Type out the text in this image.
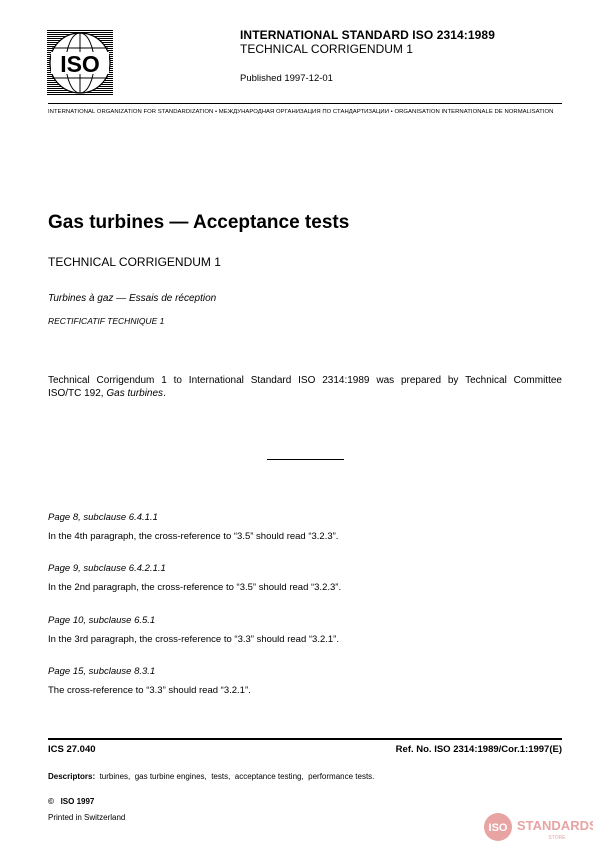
ISO
INTERNATIONAL STANDARD ISO 2314:1989
TECHNICAL CORRIGENDUM 1
Published 1997-12-01
INTERNATIONAL ORGANIZATION FOR STANDARDIZATION • МЕЖДУНАРОДНАЯ ОРГАНИЗАЦИЯ ПО СТАНДАРТИЗАЦИИ • ORGANISATION INTERNATIONALE DE NORMALISATION
Gas turbines — Acceptance tests
TECHNICAL CORRIGENDUM 1
Turbines à gaz — Essais de réception
RECTIFICATIF TECHNIQUE 1
Technical Corrigendum 1 to International Standard ISO 2314:1989 was prepared by Technical Committee
ISO/TC 192, Gas turbines.
Page 8, subclause 6.4.1.1
In the 4th paragraph, the cross-reference to “3.5” should read “3.2.3”.
Page 9, subclause 6.4.2.1.1
In the 2nd paragraph, the cross-reference to “3.5” should read “3.2.3”.
Page 10, subclause 6.5.1
In the 3rd paragraph, the cross-reference to “3.3” should read “3.2.1”.
Page 15, subclause 8.3.1
The cross-reference to “3.3” should read “3.2.1”.
ICS 27.040	Ref. No. ISO 2314:1989/Cor.1:1997(E)
Descriptors:  turbines,  gas turbine engines,  tests,  acceptance testing,  performance tests.
©   ISO 1997
Printed in Switzerland
ISO STANDARDS
STORE
